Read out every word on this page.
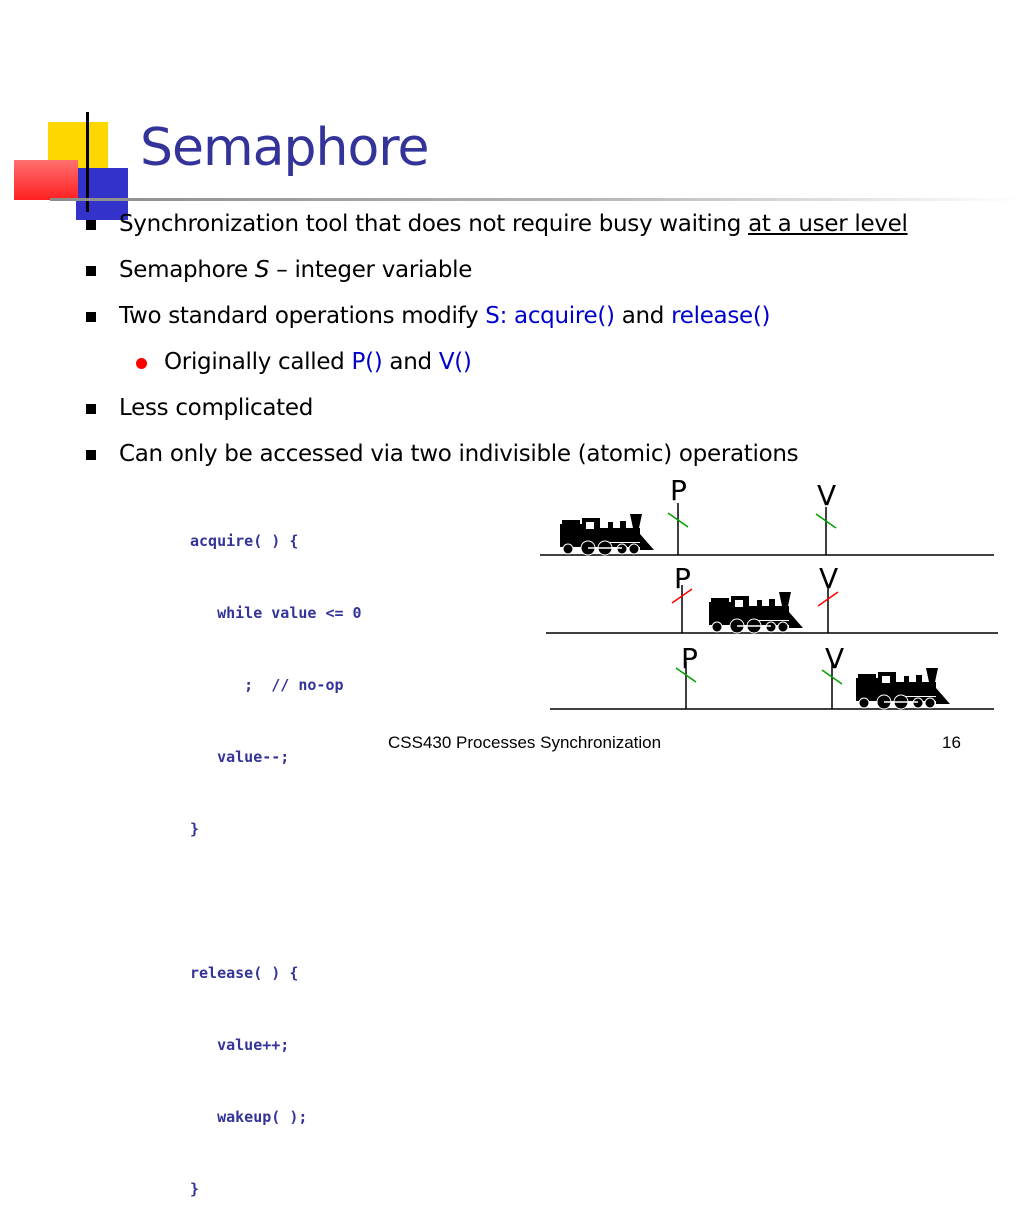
Semaphore
Synchronization tool that does not require busy waiting at a user level
Semaphore S – integer variable
Two standard operations modify S: acquire() and release()
Originally called P() and V()
Less complicated
Can only be accessed via two indivisible (atomic) operations

acquire( ) {

while value <= 0

;  // no-op

value--;

}

release( ) {

value++;

wakeup( );

}

P	V
P	V
P	V
CSS430 Processes Synchronization	16
